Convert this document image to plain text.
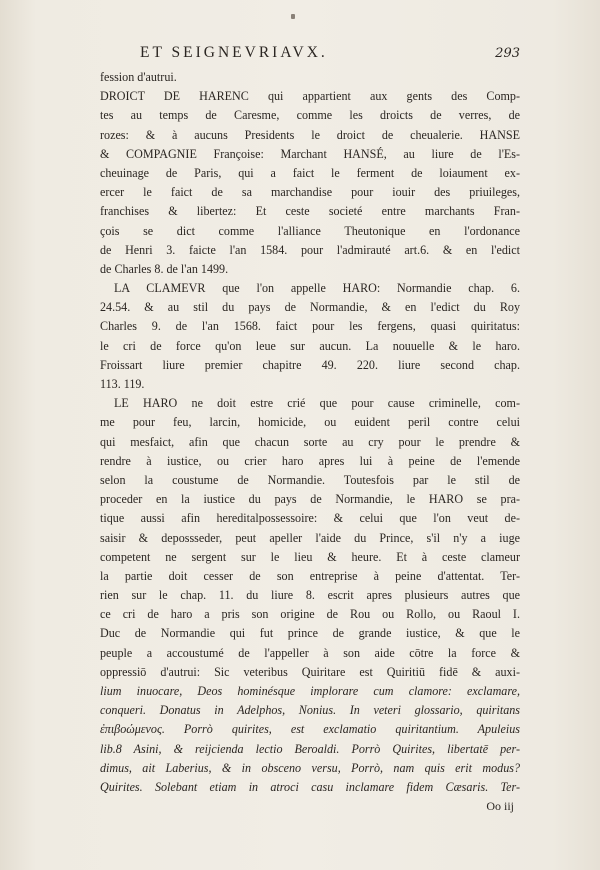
ET SEIGNEVRIAVX.	293
fession d'autrui.
DROICT DE HARENC qui appartient aux gents des Comp-
tes au temps de Caresme, comme les droicts de verres, de
rozes: & à aucuns Presidents le droict de cheualerie. HANSE
& COMPAGNIE Françoise: Marchant HANSÉ, au liure de l'Es-
cheuinage de Paris, qui a faict le ferment de loiaument ex-
ercer le faict de sa marchandise pour iouir des priuileges,
franchises & libertez: Et ceste societé entre marchants Fran-
çois se dict comme l'alliance Theutonique en l'ordonance
de Henri 3. faicte l'an 1584. pour l'admirauté art.6. & en l'edict
de Charles 8. de l'an 1499.
LA CLAMEVR que l'on appelle HARO: Normandie chap. 6.
24.54. & au stil du pays de Normandie, & en l'edict du Roy
Charles 9. de l'an 1568. faict pour les fergens, quasi quiritatus:
le cri de force qu'on leue sur aucun. La nouuelle & le haro.
Froissart liure premier chapitre 49. 220. liure second chap.
113. 119.
LE HARO ne doit estre crié que pour cause criminelle, com-
me pour feu, larcin, homicide, ou euident peril contre celui
qui mesfaict, afin que chacun sorte au cry pour le prendre &
rendre à iustice, ou crier haro apres lui à peine de l'emende
selon la coustume de Normandie. Toutesfois par le stil de
proceder en la iustice du pays de Normandie, le HARO se pra-
tique aussi afin hereditalpossessoire: & celui que l'on veut de-
saisir & depossseder, peut apeller l'aide du Prince, s'il n'y a iuge
competent ne sergent sur le lieu & heure. Et à ceste clameur
la partie doit cesser de son entreprise à peine d'attentat. Ter-
rien sur le chap. 11. du liure 8. escrit apres plusieurs autres que
ce cri de haro a pris son origine de Rou ou Rollo, ou Raoul I.
Duc de Normandie qui fut prince de grande iustice, & que le
peuple a accoustumé de l'appeller à son aide cōtre la force &
oppressiō d'autrui: Sic veteribus Quiritare est Quiritiū fidē & auxi-
lium inuocare, Deos hominésque implorare cum clamore: exclamare,
conqueri. Donatus in Adelphos, Nonius. In veteri glossario, quiritans
ἐπιβοώμενος. Porrò quirites, est exclamatio quiritantium. Apuleius
lib.8 Asini, & reijcienda lectio Beroaldi. Porrò Quirites, libertatē per-
dimus, ait Laberius, & in obsceno versu, Porrò, nam quis erit modus?
Quirites. Solebant etiam in atroci casu inclamare fidem Cæsaris. Ter-
Oo iij
